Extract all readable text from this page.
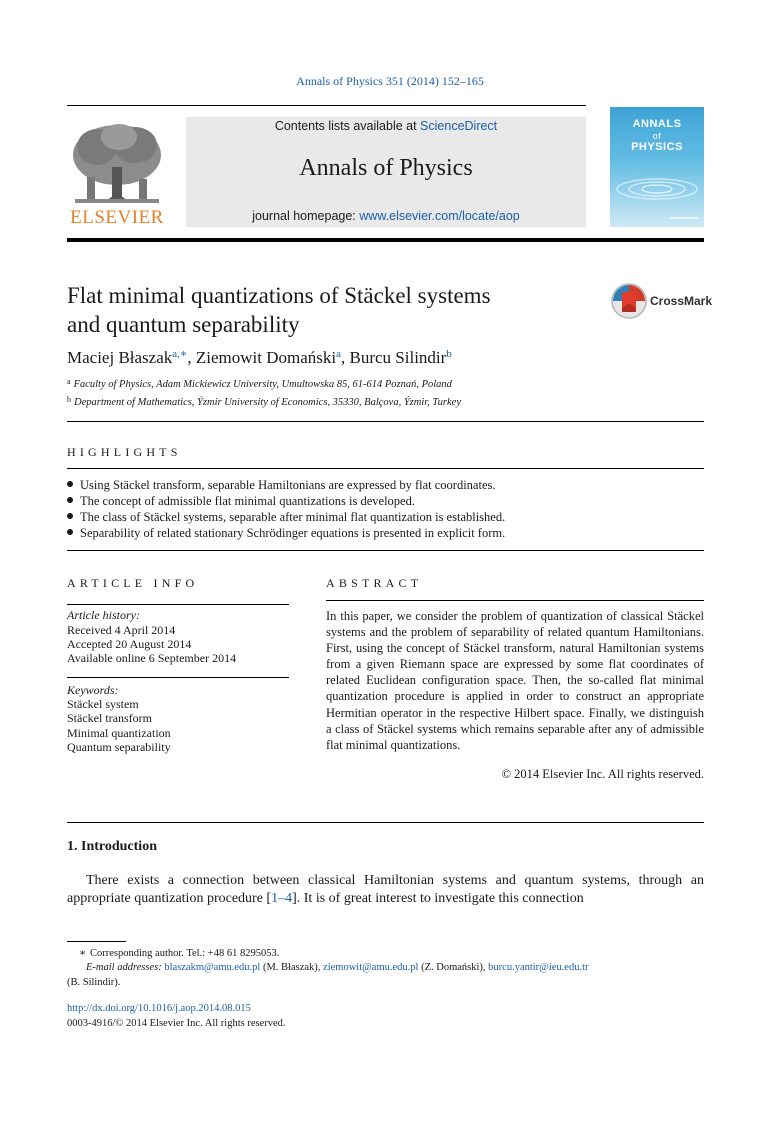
Annals of Physics 351 (2014) 152–165
ELSEVIER
Contents lists available at ScienceDirect
Annals of Physics
journal homepage: www.elsevier.com/locate/aop
ANNALS
of
PHYSICS
Flat minimal quantizations of Stäckel systems
and quantum separability
CrossMark
Maciej Błaszak$^{a,∗}$, Ziemowit Domański$^a$, Burcu Silindir$^b$
$^a$ Faculty of Physics, Adam Mickiewicz University, Umultowska 85, 61-614 Poznań, Poland
$^b$ Department of Mathematics, Ýzmir University of Economics, 35330, Balçova, Ýzmir, Turkey
HIGHLIGHTS
Using Stäckel transform, separable Hamiltonians are expressed by flat coordinates.
The concept of admissible flat minimal quantizations is developed.
The class of Stäckel systems, separable after minimal flat quantization is established.
Separability of related stationary Schrödinger equations is presented in explicit form.
ARTICLE INFO
Article history:
Received 4 April 2014
Accepted 20 August 2014
Available online 6 September 2014
Keywords:
Stäckel system
Stäckel transform
Minimal quantization
Quantum separability
ABSTRACT
In this paper, we consider the problem of quantization of classical Stäckel systems and the problem of separability of related quantum Hamiltonians. First, using the concept of Stäckel transform, natural Hamiltonian systems from a given Riemann space are expressed by some flat coordinates of related Euclidean configuration space. Then, the so-called flat minimal quantization procedure is applied in order to construct an appropriate Hermitian operator in the respective Hilbert space. Finally, we distinguish a class of Stäckel systems which remains separable after any of admissible flat minimal quantizations.
© 2014 Elsevier Inc. All rights reserved.
1. Introduction
There exists a connection between classical Hamiltonian systems and quantum systems, through an appropriate quantization procedure [1–4]. It is of great interest to investigate this connection
∗ Corresponding author. Tel.: +48 61 8295053.
E-mail addresses: blaszakm@amu.edu.pl (M. Błaszak), ziemowit@amu.edu.pl (Z. Domański), burcu.yantir@ieu.edu.tr
(B. Silindir).
http://dx.doi.org/10.1016/j.aop.2014.08.015
0003-4916/© 2014 Elsevier Inc. All rights reserved.
